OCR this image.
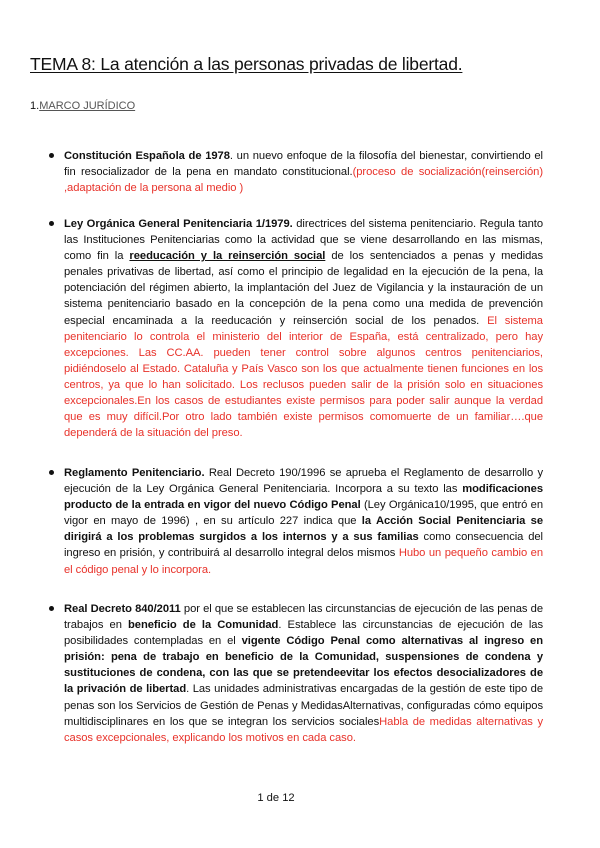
TEMA 8: La atención a las personas privadas de libertad.
1.MARCO JURÍDICO
Constitución Española de 1978. un nuevo enfoque de la filosofía del bienestar, convirtiendo el fin resocializador de la pena en mandato constitucional.(proceso de socialización(reinserción) ,adaptación de la persona al medio )
Ley Orgánica General Penitenciaria 1/1979. directrices del sistema penitenciario. Regula tanto las Instituciones Penitenciarias como la actividad que se viene desarrollando en las mismas, como fin la reeducación y la reinserción social de los sentenciados a penas y medidas penales privativas de libertad, así como el principio de legalidad en la ejecución de la pena, la potenciación del régimen abierto, la implantación del Juez de Vigilancia y la instauración de un sistema penitenciario basado en la concepción de la pena como una medida de prevención especial encaminada a la reeducación y reinserción social de los penados. El sistema penitenciario lo controla el ministerio del interior de España, está centralizado, pero hay excepciones. Las CC.AA. pueden tener control sobre algunos centros penitenciarios, pidiéndoselo al Estado. Cataluña y País Vasco son los que actualmente tienen funciones en los centros, ya que lo han solicitado. Los reclusos pueden salir de la prisión solo en situaciones excepcionales.En los casos de estudiantes existe permisos para poder salir aunque la verdad que es muy difícil.Por otro lado también existe permisos comomuerte de un familiar….que dependerá de la situación del preso.
Reglamento Penitenciario. Real Decreto 190/1996 se aprueba el Reglamento de desarrollo y ejecución de la Ley Orgánica General Penitenciaria. Incorpora a su texto las modificaciones producto de la entrada en vigor del nuevo Código Penal (Ley Orgánica10/1995, que entró en vigor en mayo de 1996) , en su artículo 227 indica que la Acción Social Penitenciaria se dirigirá a los problemas surgidos a los internos y a sus familias como consecuencia del ingreso en prisión, y contribuirá al desarrollo integral delos mismos Hubo un pequeño cambio en el código penal y lo incorpora.
Real Decreto 840/2011 por el que se establecen las circunstancias de ejecución de las penas de trabajos en beneficio de la Comunidad. Establece las circunstancias de ejecución de las posibilidades contempladas en el vigente Código Penal como alternativas al ingreso en prisión: pena de trabajo en beneficio de la Comunidad, suspensiones de condena y sustituciones de condena, con las que se pretendeevitar los efectos desocializadores de la privación de libertad. Las unidades administrativas encargadas de la gestión de este tipo de penas son los Servicios de Gestión de Penas y MedidasAlternativas, configuradas cómo equipos multidisciplinares en los que se integran los servicios socialesHabla de medidas alternativas y casos excepcionales, explicando los motivos en cada caso.
1 de 12
